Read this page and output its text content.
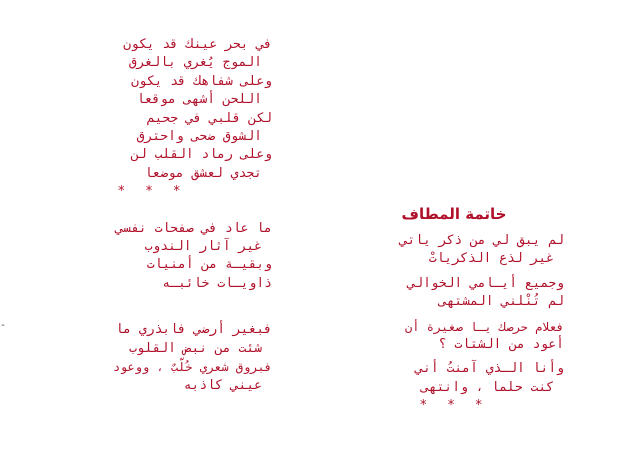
-
في بحر عينك قد يكون
الموج يُغري بالغرق
وعلى شفاهك قد يكون
اللحن أشهى موقعا
لكن قلبي في جحيم
الشوق ضحى واحترق
وعلى رماد القلب لن
تجدي لعشق موضعا
* * *
ما عاد في صفحات نفسي
غير آثار الندوب
وبقيـة من أمنيات
ذاويـات خائبـه
فبغير أرضي فابذري ما
شئت من نبض القلوب
فبروق شعري خُلّبٌ ، ووعود
عيني كاذبه
خاتمة المطاف
لم يبق لي من ذكر ياتي
غير لذع الذكرياتْ
وجميع أيـامي الخوالي
لم تُنْلني المشتهى
فعلام حرصك يـا صغيرة أن
أعود من الشتات ؟
وأنا الـذي آمنتُ أني
كنت حلما ، وانتهى
* * *
